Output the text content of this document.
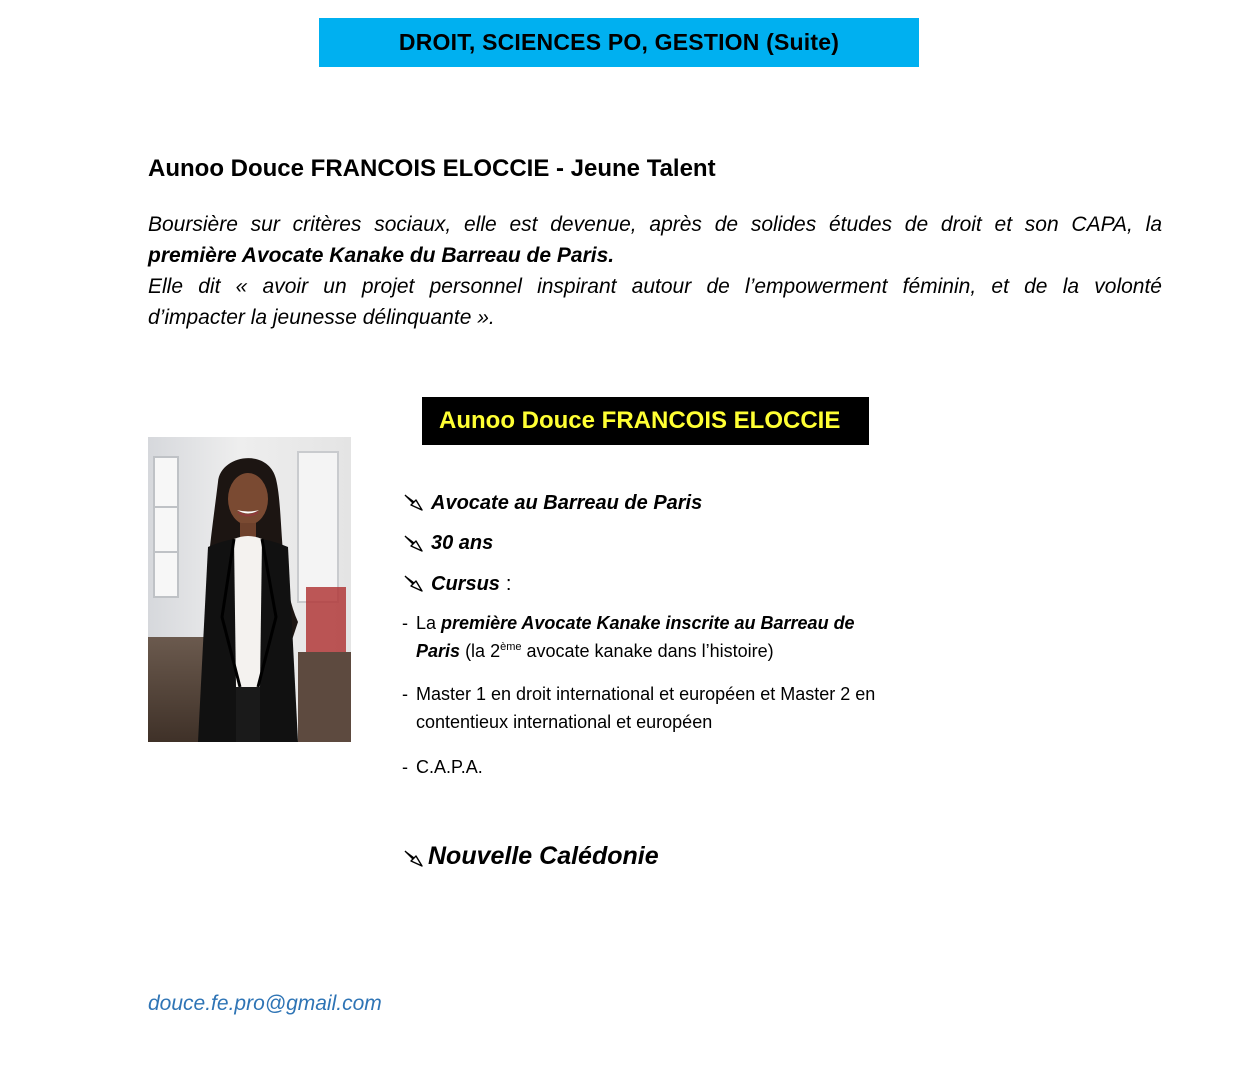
DROIT, SCIENCES PO, GESTION (Suite)
Aunoo Douce FRANCOIS ELOCCIE - Jeune Talent
Boursière sur critères sociaux, elle est devenue, après de solides études de droit et son CAPA, la
première Avocate Kanake du Barreau de Paris.
Elle dit « avoir un projet personnel inspirant autour de l’empowerment féminin, et de la volonté
d’impacter la jeunesse délinquante ».
Aunoo Douce FRANCOIS ELOCCIE
Avocate au Barreau de Paris
30 ans
Cursus :
- La première Avocate Kanake inscrite au Barreau de Paris (la 2ème avocate kanake dans l’histoire)
- Master 1 en droit international et européen et Master 2 en contentieux international et européen
- C.A.P.A.
Nouvelle Calédonie
douce.fe.pro@gmail.com
